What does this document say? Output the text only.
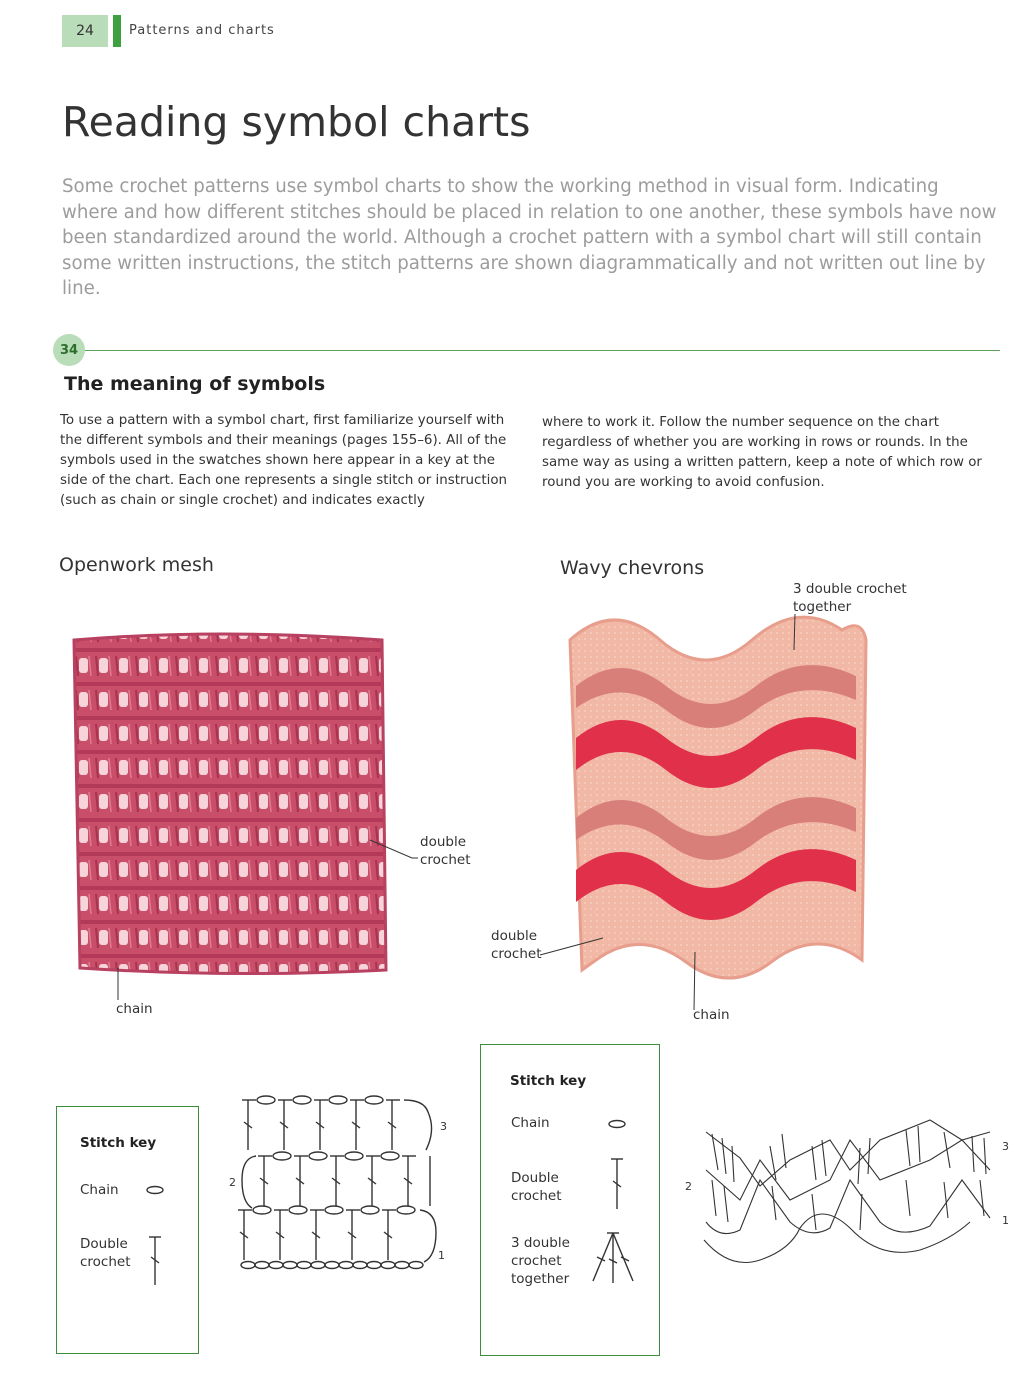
24	Patterns and charts
Reading symbol charts
Some crochet patterns use symbol charts to show the working method in visual form. Indicating where and how different stitches should be placed in relation to one another, these symbols have now been standardized around the world. Although a crochet pattern with a symbol chart will still contain some written instructions, the stitch patterns are shown diagrammatically and not written out line by line.
34
The meaning of symbols
To use a pattern with a symbol chart, first familiarize yourself with the different symbols and their meanings (pages 155–6). All of the symbols used in the swatches shown here appear in a key at the side of the chart. Each one represents a single stitch or instruction (such as chain or single crochet) and indicates exactly
where to work it. Follow the number sequence on the chart regardless of whether you are working in rows or rounds. In the same way as using a written pattern, keep a note of which row or round you are working to avoid confusion.
Openwork mesh
double crochet
chain
Wavy chevrons
3 double crochet together
double crochet
chain
Stitch key
Chain
Double crochet
3
2
1
Stitch key
Chain
Double crochet
3 double crochet together
3
2
1
